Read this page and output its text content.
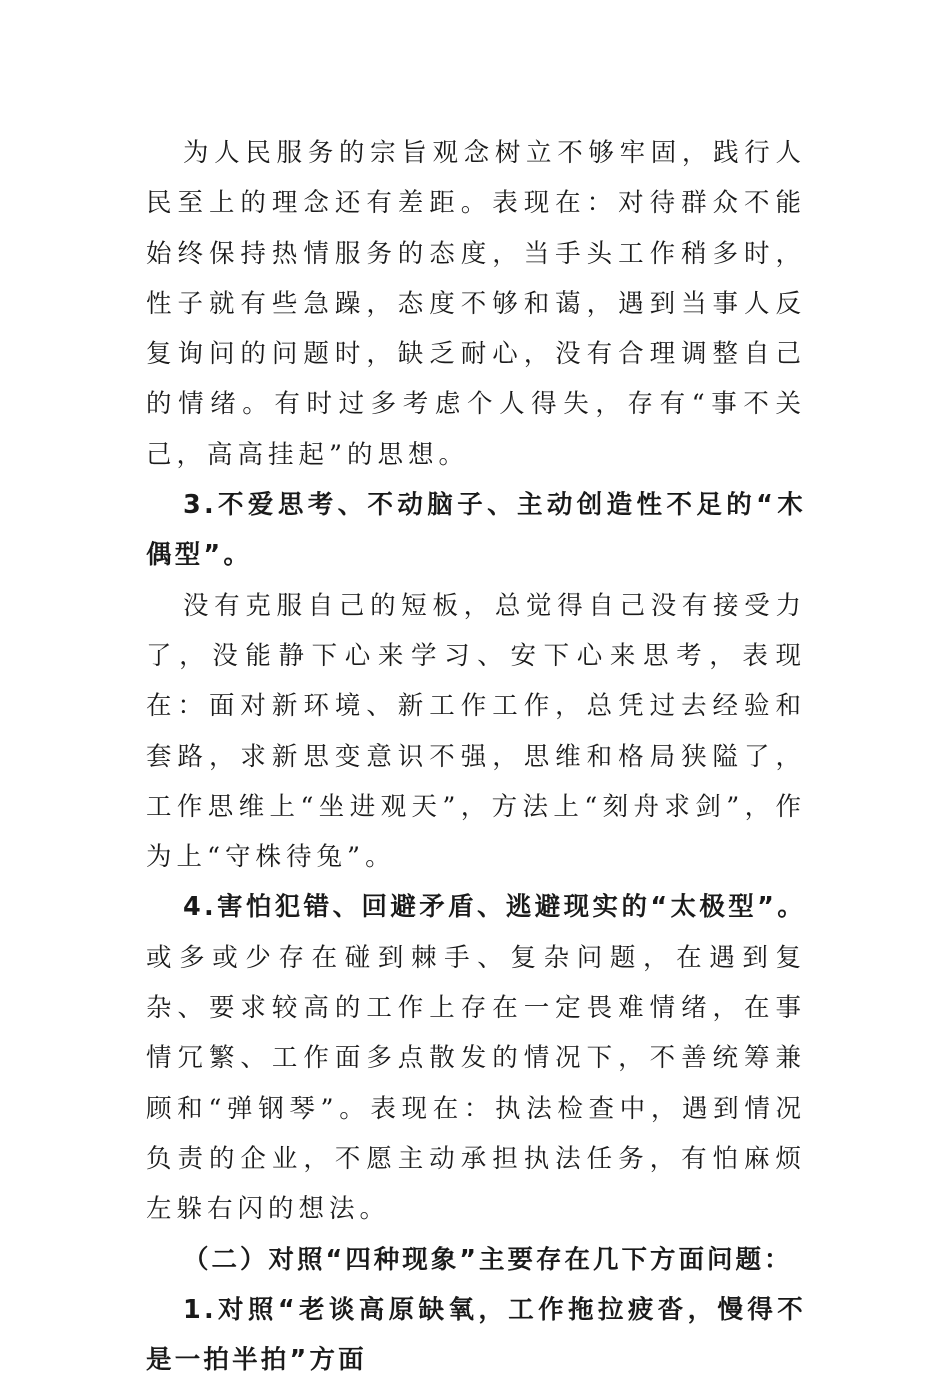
为人民服务的宗旨观念树立不够牢固，践行人民至上的理念还有差距。表现在：对待群众不能始终保持热情服务的态度，当手头工作稍多时，性子就有些急躁，态度不够和蔼，遇到当事人反复询问的问题时，缺乏耐心，没有合理调整自己的情绪。有时过多考虑个人得失，存有“事不关己，高高挂起”的思想。

3.不爱思考、不动脑子、主动创造性不足的“木偶型”。

没有克服自己的短板，总觉得自己没有接受力了，没能静下心来学习、安下心来思考，表现在：面对新环境、新工作工作，总凭过去经验和套路，求新思变意识不强，思维和格局狭隘了，工作思维上“坐进观天”，方法上“刻舟求剑”，作为上“守株待兔”。

4.害怕犯错、回避矛盾、逃避现实的“太极型”。或多或少存在碰到棘手、复杂问题，在遇到复杂、要求较高的工作上存在一定畏难情绪，在事情冗繁、工作面多点散发的情况下，不善统筹兼顾和“弹钢琴”。表现在：执法检查中，遇到情况负责的企业，不愿主动承担执法任务，有怕麻烦左躲右闪的想法。

（二）对照“四种现象”主要存在几下方面问题：

1.对照“老谈高原缺氧，工作拖拉疲沓，慢得不是一拍半拍”方面
